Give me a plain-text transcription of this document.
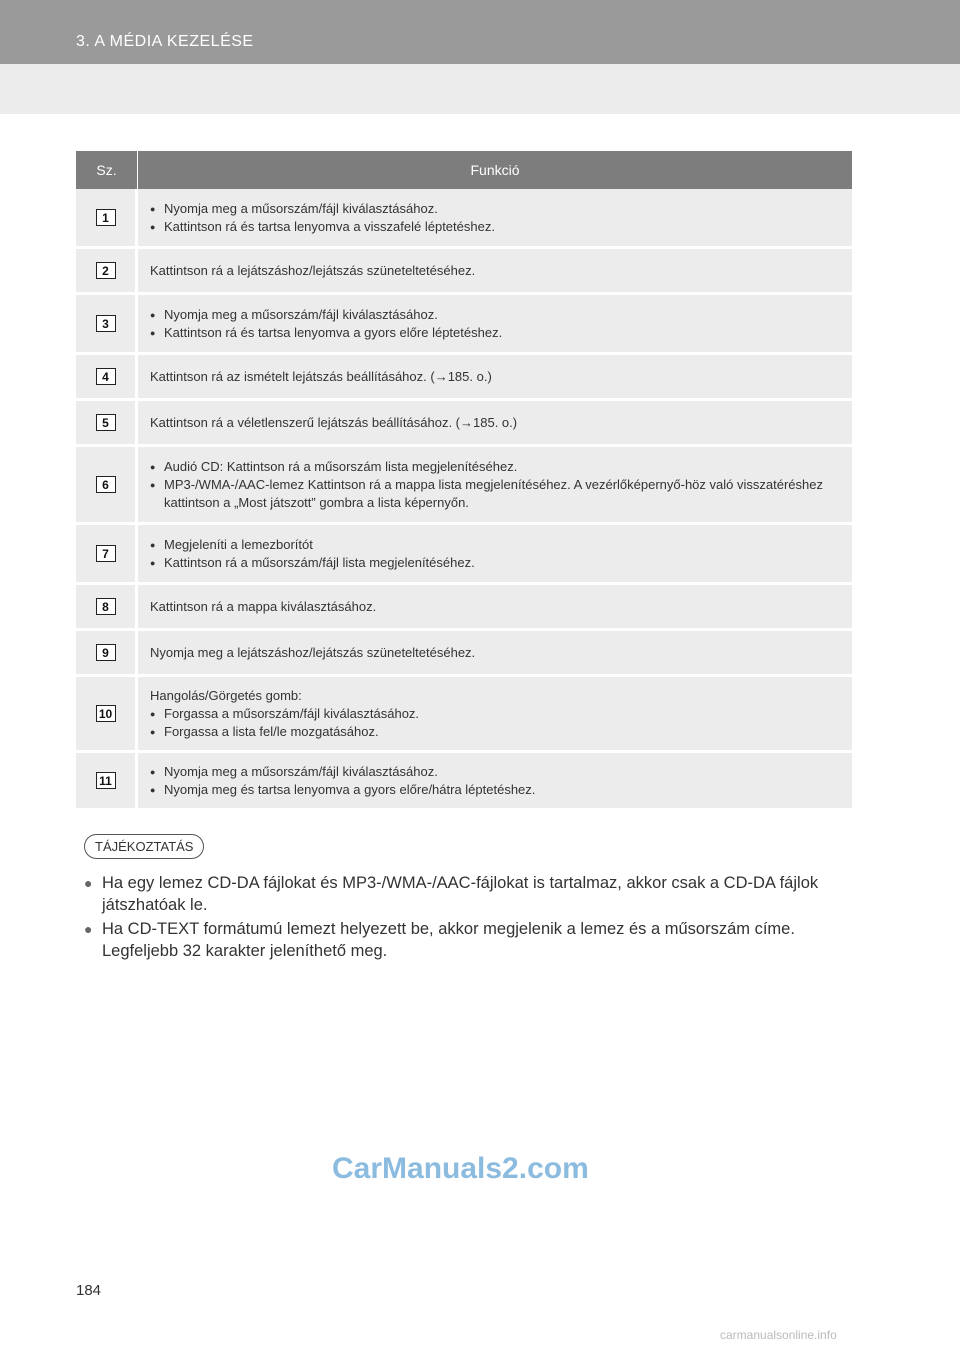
3. A MÉDIA KEZELÉSE
Sz.	Funkció
1
● Nyomja meg a műsorszám/fájl kiválasztásához.
● Kattintson rá és tartsa lenyomva a visszafelé léptetéshez.
2	Kattintson rá a lejátszáshoz/lejátszás szüneteltetéséhez.
3
● Nyomja meg a műsorszám/fájl kiválasztásához.
● Kattintson rá és tartsa lenyomva a gyors előre léptetéshez.
4	Kattintson rá az ismételt lejátszás beállításához. (→185. o.)
5	Kattintson rá a véletlenszerű lejátszás beállításához. (→185. o.)
6
● Audió CD: Kattintson rá a műsorszám lista megjelenítéséhez.
● MP3-/WMA-/AAC-lemez Kattintson rá a mappa lista megjelenítéséhez. A vezérlőképernyő-höz való visszatéréshez kattintson a „Most játszott” gombra a lista képernyőn.
7
● Megjeleníti a lemezborítót
● Kattintson rá a műsorszám/fájl lista megjelenítéséhez.
8	Kattintson rá a mappa kiválasztásához.
9	Nyomja meg a lejátszáshoz/lejátszás szüneteltetéséhez.
10
Hangolás/Görgetés gomb:
● Forgassa a műsorszám/fájl kiválasztásához.
● Forgassa a lista fel/le mozgatásához.
11
● Nyomja meg a műsorszám/fájl kiválasztásához.
● Nyomja meg és tartsa lenyomva a gyors előre/hátra léptetéshez.
TÁJÉKOZTATÁS
● Ha egy lemez CD-DA fájlokat és MP3-/WMA-/AAC-fájlokat is tartalmaz, akkor csak a CD-DA fájlok játszhatóak le.
● Ha CD-TEXT formátumú lemezt helyezett be, akkor megjelenik a lemez és a műsorszám címe. Legfeljebb 32 karakter jeleníthető meg.
CarManuals2.com
184
carmanualsonline.info
